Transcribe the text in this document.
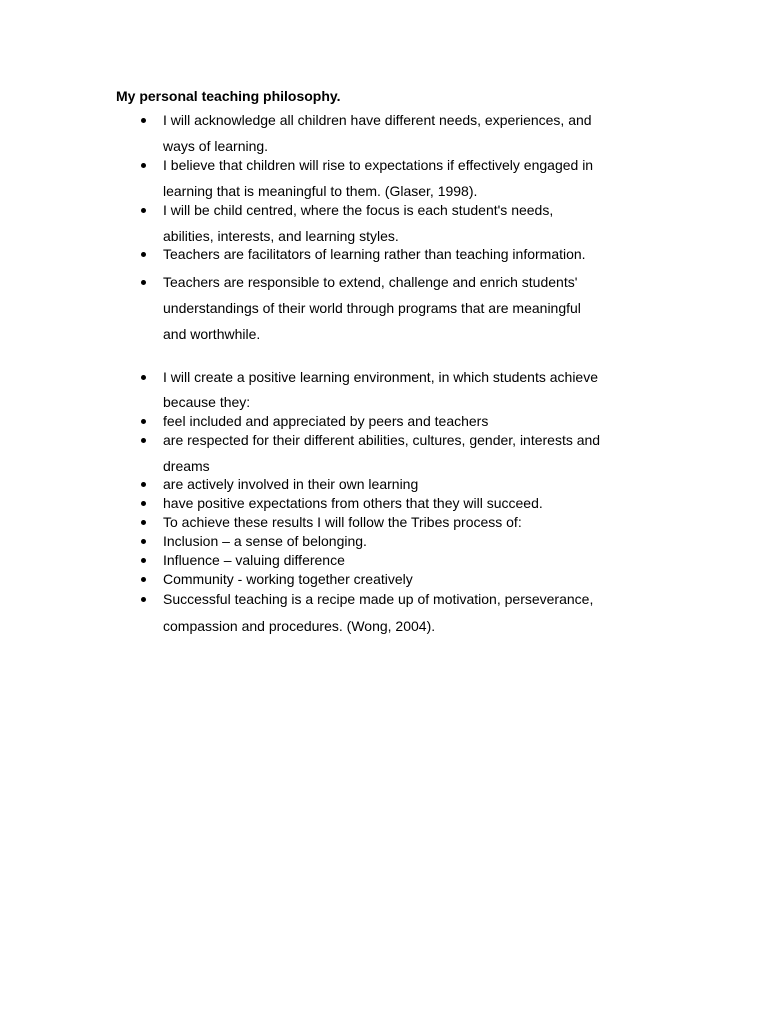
My personal teaching philosophy.
I will acknowledge all children have different needs, experiences, and
ways of learning.
I believe that children will rise to expectations if effectively engaged in
learning that is meaningful to them. (Glaser, 1998).
I will be child centred, where the focus is each student's needs,
abilities, interests, and learning styles.
Teachers are facilitators of learning rather than teaching information.
Teachers are responsible to extend, challenge and enrich students'
understandings of their world through programs that are meaningful
and worthwhile.
I will create a positive learning environment, in which students achieve
because they:
feel included and appreciated by peers and teachers
are respected for their different abilities, cultures, gender, interests and
dreams
are actively involved in their own learning
have positive expectations from others that they will succeed.
To achieve these results I will follow the Tribes process of:
Inclusion – a sense of belonging.
Influence – valuing difference
Community - working together creatively
Successful teaching is a recipe made up of motivation, perseverance,
compassion and procedures. (Wong, 2004).
